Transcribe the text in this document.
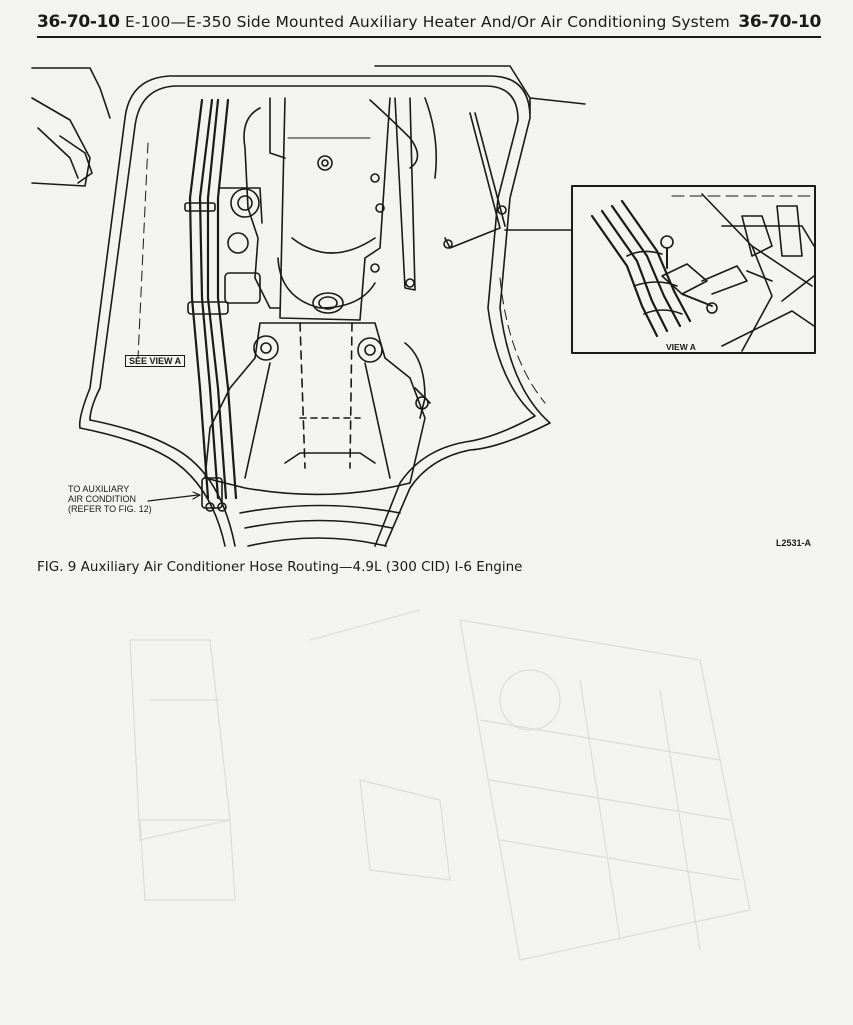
36-70-10 E-100—E-350 Side Mounted Auxiliary Heater And/Or Air Conditioning System 36-70-10
SEE VIEW A
TO AUXILIARY
AIR CONDITION
(REFER TO FIG. 12)
VIEW A
L2531-A
FIG. 9 Auxiliary Air Conditioner Hose Routing—4.9L (300 CID) I-6 Engine
